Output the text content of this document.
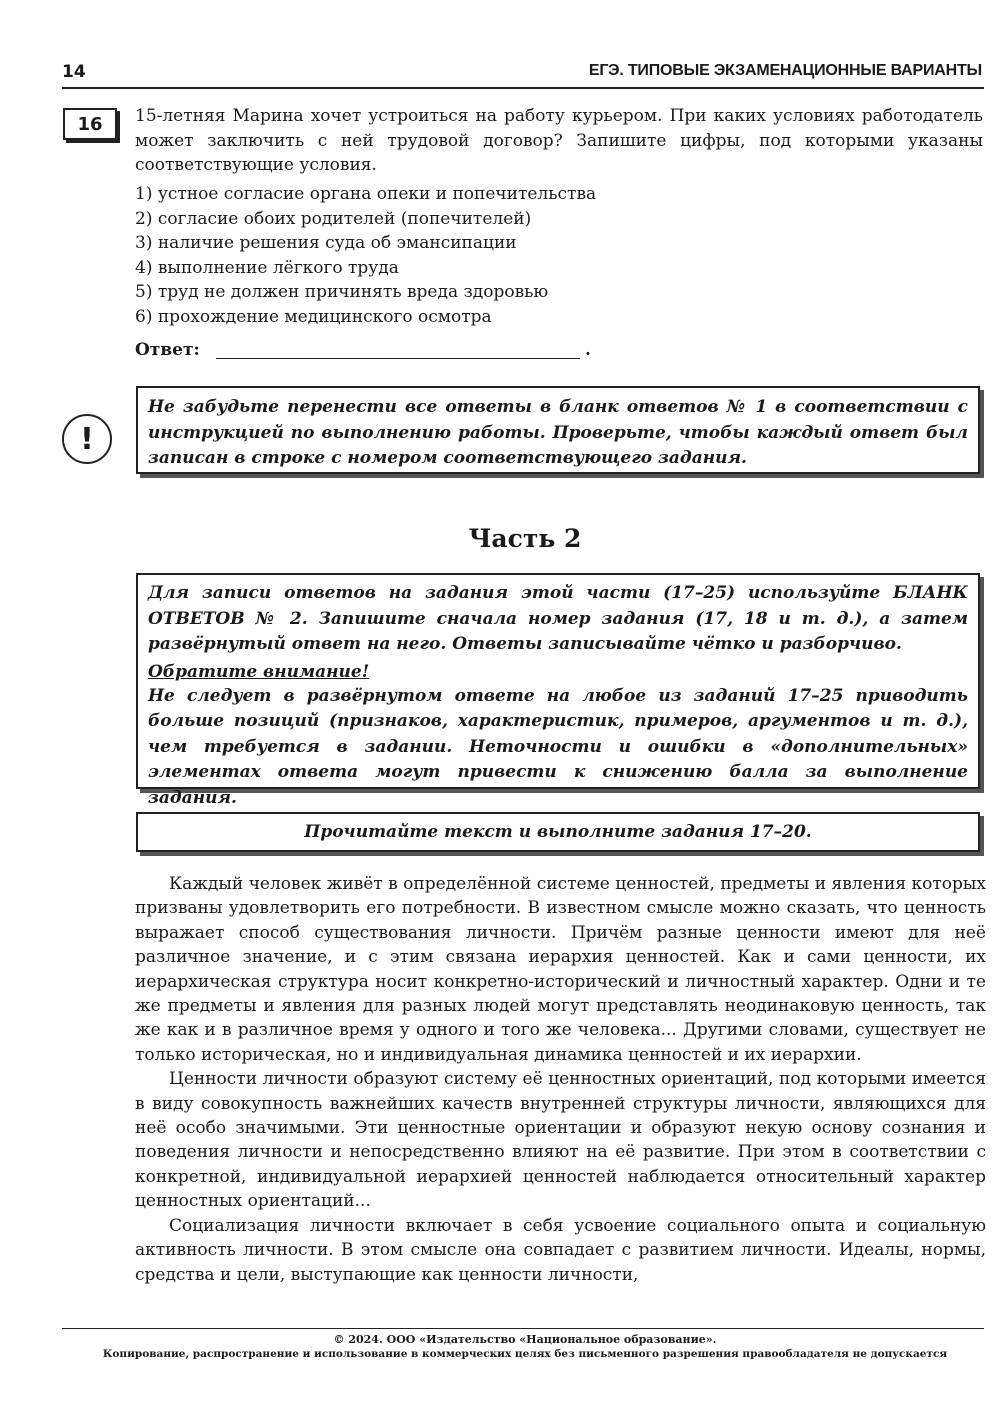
14	ЕГЭ. ТИПОВЫЕ ЭКЗАМЕНАЦИОННЫЕ ВАРИАНТЫ
16 15-летняя Марина хочет устроиться на работу курьером. При каких условиях работодатель может заключить с ней трудовой договор? Запишите цифры, под которыми указаны соответствующие условия.
1) устное согласие органа опеки и попечительства
2) согласие обоих родителей (попечителей)
3) наличие решения суда об эмансипации
4) выполнение лёгкого труда
5) труд не должен причинять вреда здоровью
6) прохождение медицинского осмотра
Ответ:	.
!

Не забудьте перенести все ответы в бланк ответов № 1 в соответствии с инструкцией по выполнению работы. Проверьте, чтобы каждый ответ был записан в строке с номером соответствующего задания.

Часть 2

Для записи ответов на задания этой части (17–25) используйте БЛАНК ОТВЕТОВ № 2. Запишите сначала номер задания (17, 18 и т. д.), а затем развёрнутый ответ на него. Ответы записывайте чётко и разборчиво.

Обратите внимание!

Не следует в развёрнутом ответе на любое из заданий 17–25 приводить больше позиций (признаков, характеристик, примеров, аргументов и т. д.), чем требуется в задании. Неточности и ошибки в «дополнительных» элементах ответа могут привести к снижению балла за выполнение задания.

Прочитайте текст и выполните задания 17–20.

Каждый человек живёт в определённой системе ценностей, предметы и явления которых призваны удовлетворить его потребности. В известном смысле можно сказать, что ценность выражает способ существования личности. Причём разные ценности имеют для неё различное значение, и с этим связана иерархия ценностей. Как и сами ценности, их иерархическая структура носит конкретно-исторический и личностный характер. Одни и те же предметы и явления для разных людей могут представлять неодинаковую ценность, так же как и в различное время у одного и того же человека... Другими словами, существует не только историческая, но и индивидуальная динамика ценностей и их иерархии.

Ценности личности образуют систему её ценностных ориентаций, под которыми имеется в виду совокупность важнейших качеств внутренней структуры личности, являющихся для неё особо значимыми. Эти ценностные ориентации и образуют некую основу сознания и поведения личности и непосредственно влияют на её развитие. При этом в соответствии с конкретной, индивидуальной иерархией ценностей наблюдается относительный характер ценностных ориентаций...

Социализация личности включает в себя усвоение социального опыта и социальную активность личности. В этом смысле она совпадает с развитием личности. Идеалы, нормы, средства и цели, выступающие как ценности личности,

© 2024. ООО «Издательство «Национальное образование».
Копирование, распространение и использование в коммерческих целях без письменного разрешения правообладателя не допускается
